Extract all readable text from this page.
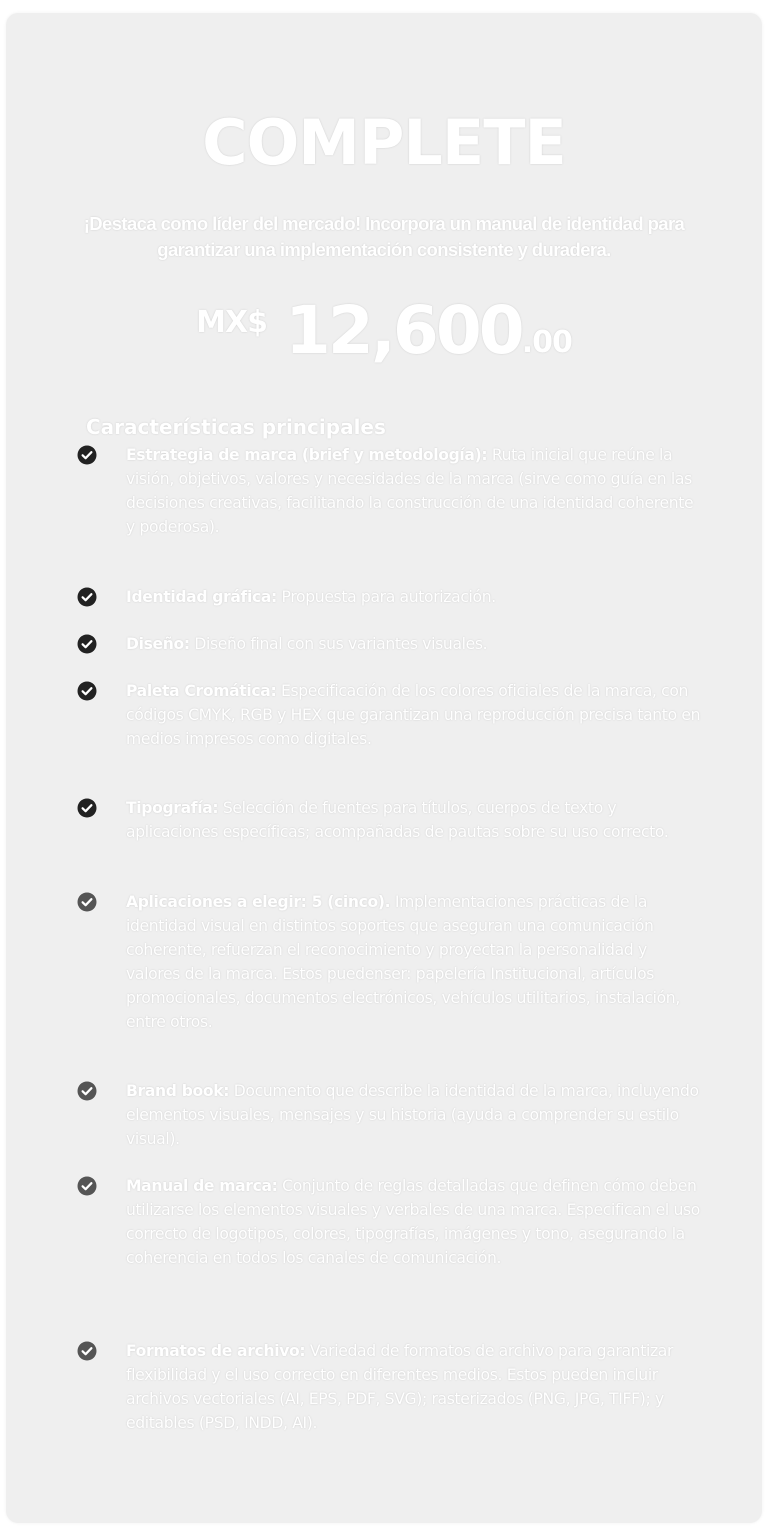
COMPLETE
¡Destaca como líder del mercado! Incorpora un manual de identidad para garantizar una implementación consistente y duradera.
MX$ 12,600 .00
Características principales
Estrategia de marca (brief y metodología): Ruta inicial que reúne la visión, objetivos, valores y necesidades de la marca (sirve como guía en las decisiones creativas, facilitando la construcción de una identidad coherente y poderosa).
Identidad gráfica: Propuesta para autorización.
Diseño: Diseño final con sus variantes visuales.
Paleta Cromática: Especificación de los colores oficiales de la marca, con códigos CMYK, RGB y HEX que garantizan una reproducción precisa tanto en medios impresos como digitales.
Tipografía: Selección de fuentes para títulos, cuerpos de texto y aplicaciones específicas; acompañadas de pautas sobre su uso correcto.
Aplicaciones a elegir: 5 (cinco). Implementaciones prácticas de la identidad visual en distintos soportes que aseguran una comunicación coherente, refuerzan el reconocimiento y proyectan la personalidad y valores de la marca. Estos puedenser: papelería Institucional, artículos promocionales, documentos electrónicos, vehículos utilitarios, instalación, entre otros.
Brand book: Documento que describe la identidad de la marca, incluyendo elementos visuales, mensajes y su historia (ayuda a comprender su estilo visual).
Manual de marca: Conjunto de reglas detalladas que definen cómo deben utilizarse los elementos visuales y verbales de una marca. Especifican el uso correcto de logotipos, colores, tipografías, imágenes y tono, asegurando la coherencia en todos los canales de comunicación.
Formatos de archivo: Variedad de formatos de archivo para garantizar flexibilidad y el uso correcto en diferentes medios. Estos pueden incluir archivos vectoriales (AI, EPS, PDF, SVG); rasterizados (PNG, JPG, TIFF); y editables (PSD, INDD, AI).
